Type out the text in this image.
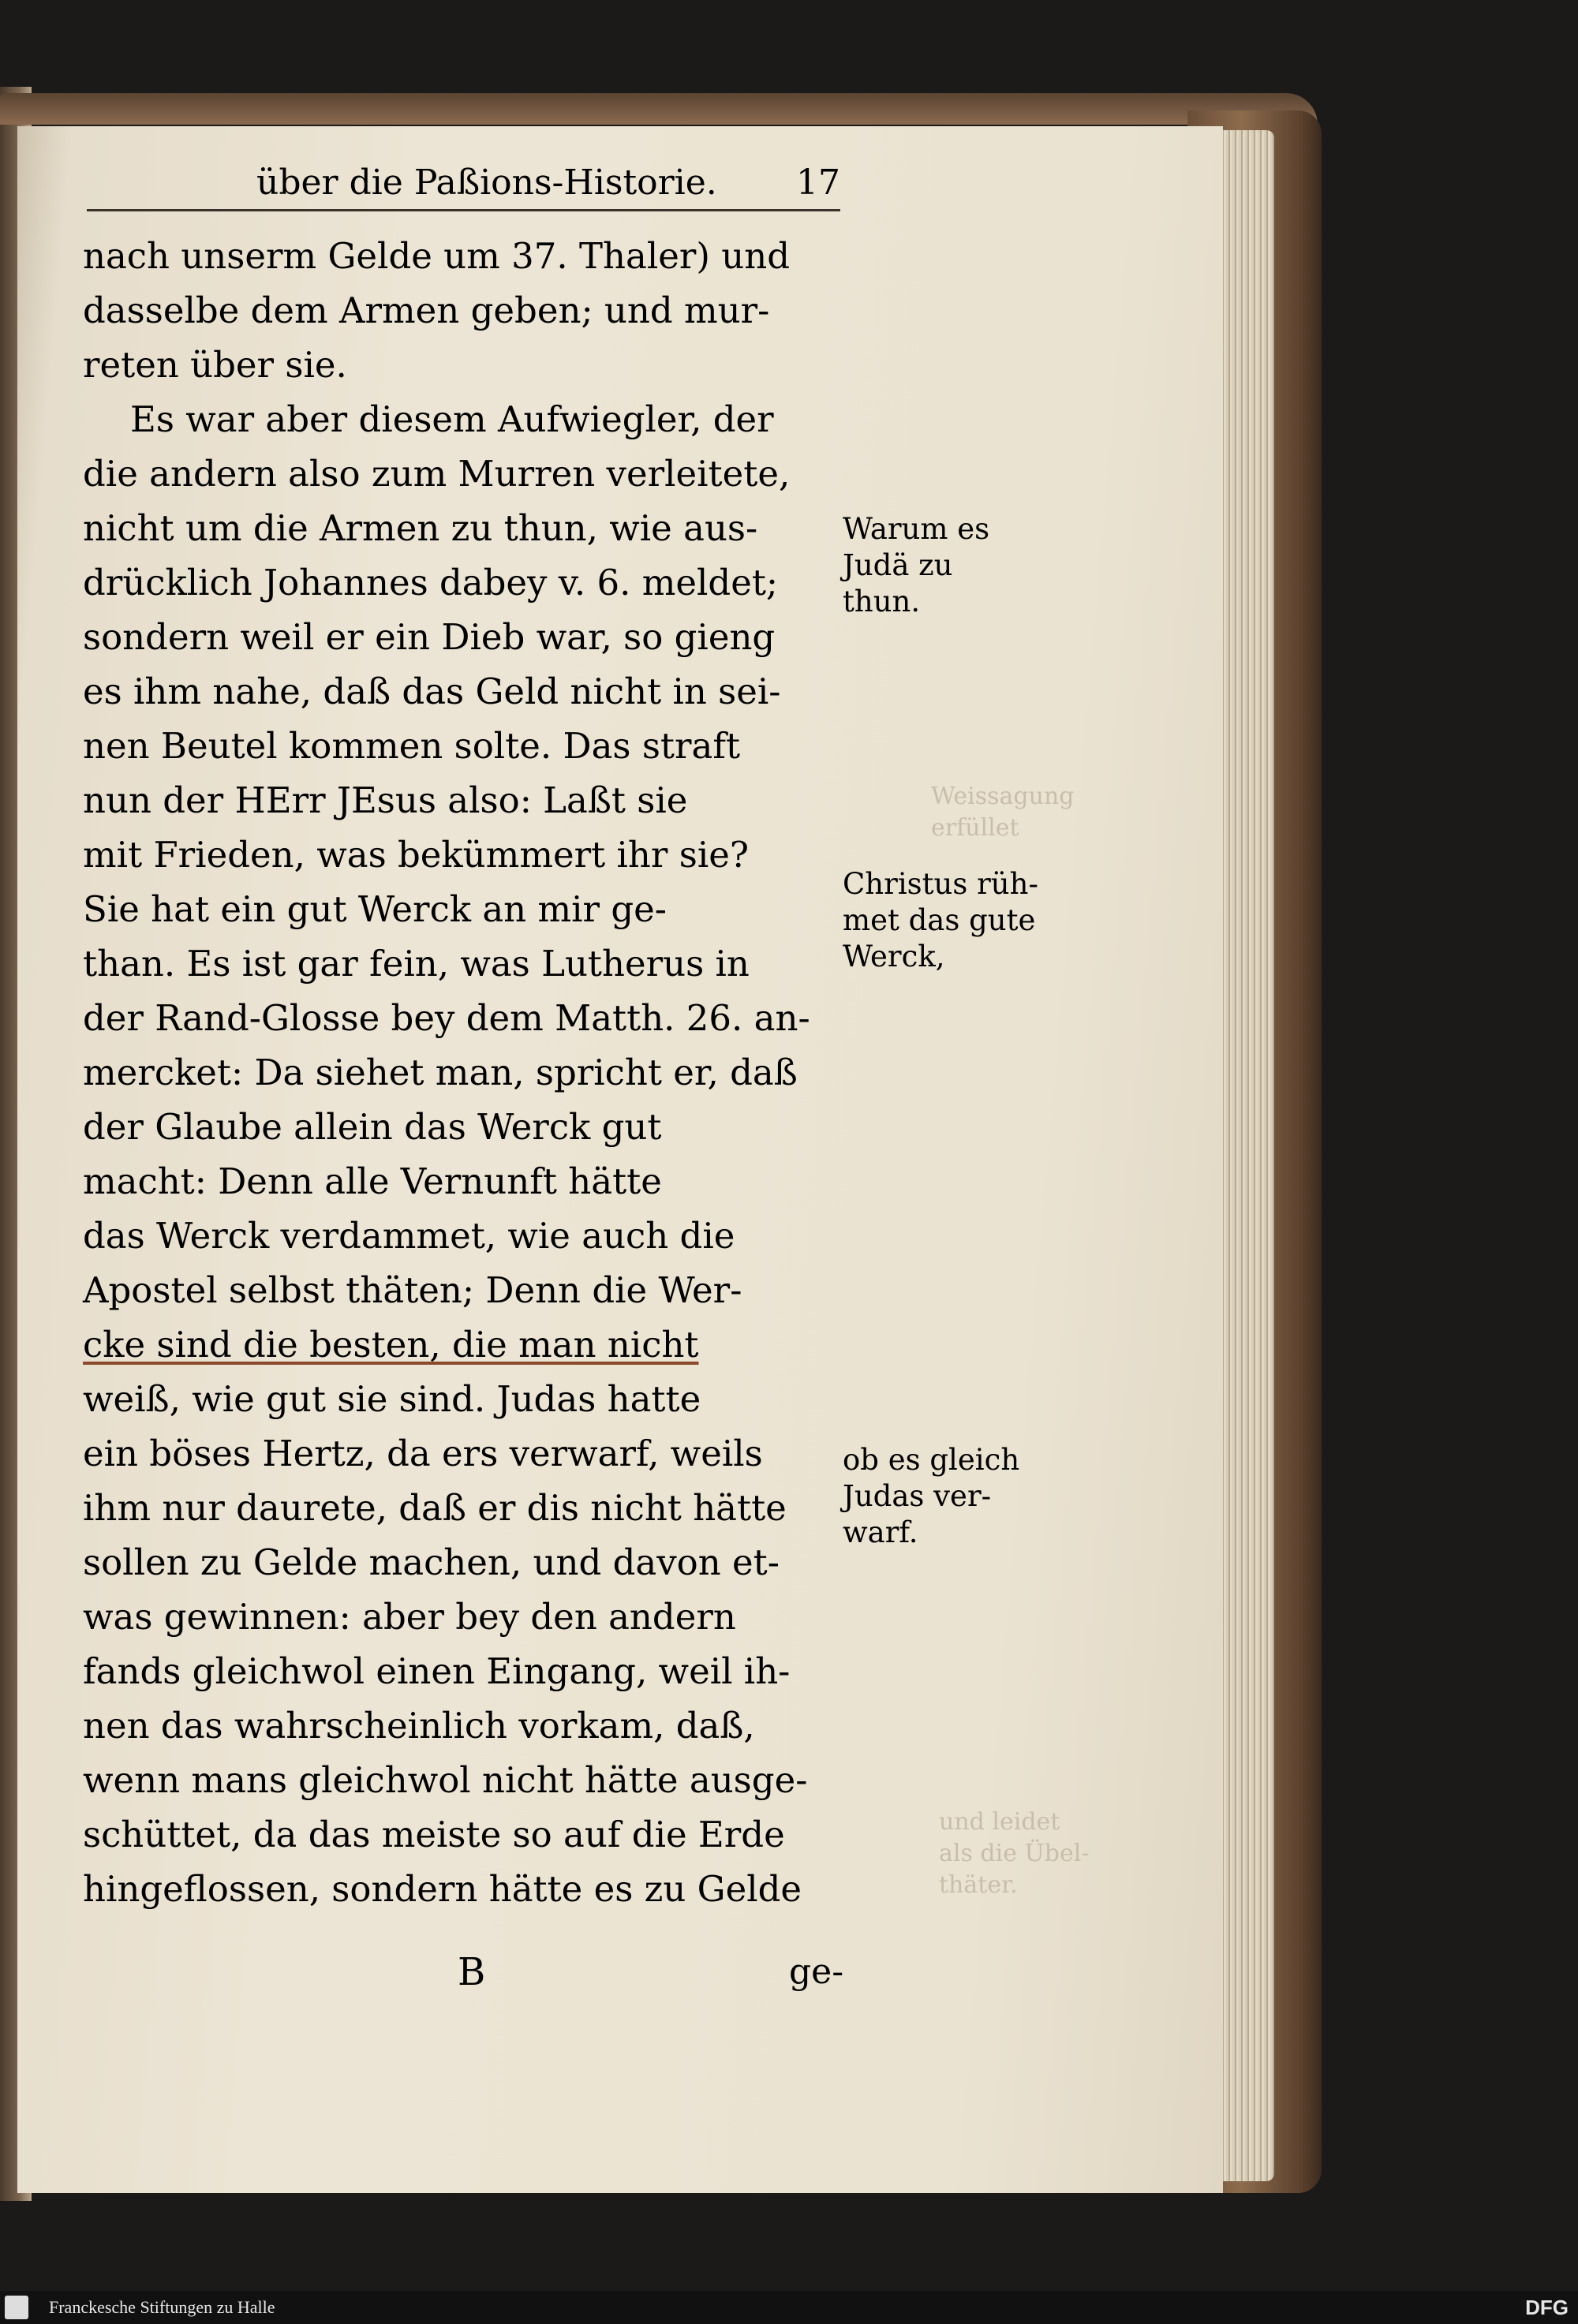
Weissagung
erfüllet
und leidet
als die Übel-
thäter.
über die Paßions-Historie. 17
nach unserm Gelde um 37. Thaler) und
dasselbe dem Armen geben; und mur-
reten über sie.
Es war aber diesem Aufwiegler, der
die andern also zum Murren verleitete,
nicht um die Armen zu thun, wie aus-
drücklich Johannes dabey v. 6. meldet;
sondern weil er ein Dieb war, so gieng
es ihm nahe, daß das Geld nicht in sei-
nen Beutel kommen solte. Das straft
nun der HErr JEsus also: Laßt sie
mit Frieden, was bekümmert ihr sie?
Sie hat ein gut Werck an mir ge-
than. Es ist gar fein, was Lutherus in
der Rand-Glosse bey dem Matth. 26. an-
mercket: Da siehet man, spricht er, daß
der Glaube allein das Werck gut
macht: Denn alle Vernunft hätte
das Werck verdammet, wie auch die
Apostel selbst thäten; Denn die Wer-
cke sind die besten, die man nicht
weiß, wie gut sie sind. Judas hatte
ein böses Hertz, da ers verwarf, weils
ihm nur daurete, daß er dis nicht hätte
sollen zu Gelde machen, und davon et-
was gewinnen: aber bey den andern
fands gleichwol einen Eingang, weil ih-
nen das wahrscheinlich vorkam, daß,
wenn mans gleichwol nicht hätte ausge-
schüttet, da das meiste so auf die Erde
hingeflossen, sondern hätte es zu Gelde
Warum es
Judä zu
thun.
Christus rüh-
met das gute
Werck,
ob es gleich
Judas ver-
warf.
B	ge-
Franckesche Stiftungen zu Halle	DFG
